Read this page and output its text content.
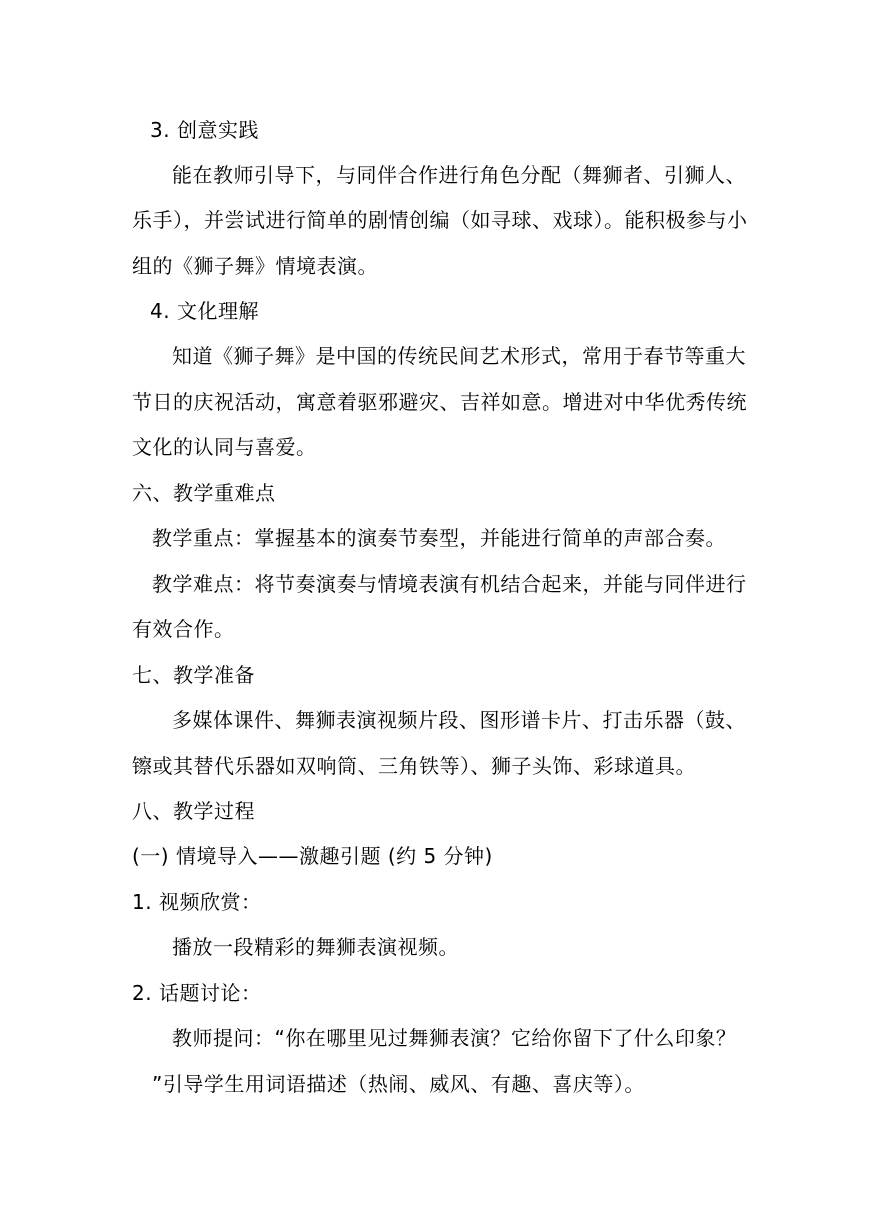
3. 创意实践
能在教师引导下，与同伴合作进行角色分配（舞狮者、引狮人、
乐手），并尝试进行简单的剧情创编（如寻球、戏球）。能积极参与小
组的《狮子舞》情境表演。
4. 文化理解
知道《狮子舞》是中国的传统民间艺术形式，常用于春节等重大
节日的庆祝活动，寓意着驱邪避灾、吉祥如意。增进对中华优秀传统
文化的认同与喜爱。
六、教学重难点
教学重点：掌握基本的演奏节奏型，并能进行简单的声部合奏。
教学难点：将节奏演奏与情境表演有机结合起来，并能与同伴进行
有效合作。
七、教学准备
多媒体课件、舞狮表演视频片段、图形谱卡片、打击乐器（鼓、
镲或其替代乐器如双响筒、三角铁等）、狮子头饰、彩球道具。
八、教学过程
(一) 情境导入——激趣引题 (约 5 分钟)
1. 视频欣赏：
播放一段精彩的舞狮表演视频。
2. 话题讨论：
教师提问：“你在哪里见过舞狮表演？它给你留下了什么印象？
”引导学生用词语描述（热闹、威风、有趣、喜庆等）。
